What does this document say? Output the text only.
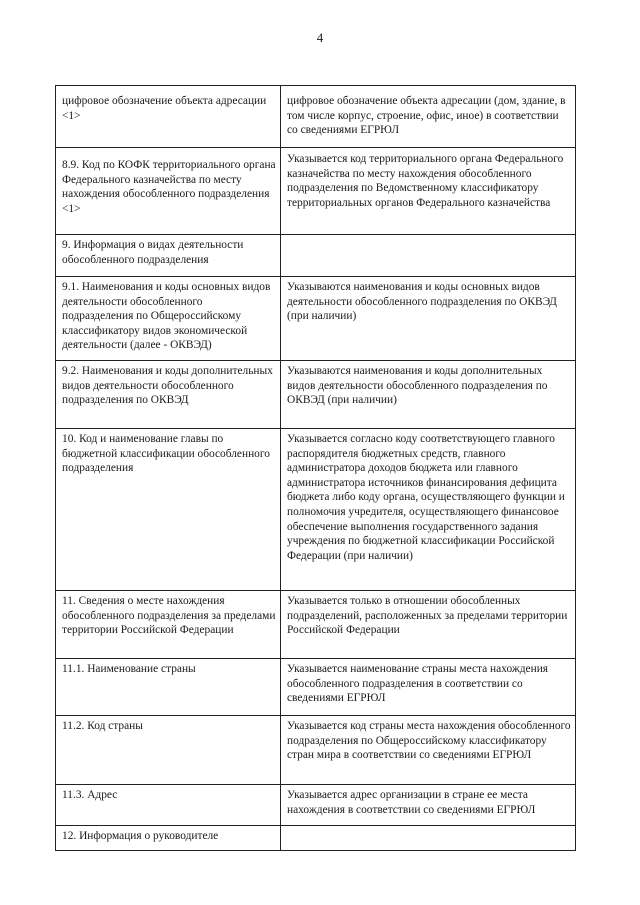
4
цифровое обозначение объекта адресации <1>	цифровое обозначение объекта адресации (дом, здание, в том числе корпус, строение, офис, иное) в соответствии со сведениями ЕГРЮЛ
8.9. Код по КОФК территориального органа Федерального казначейства по месту нахождения обособленного подразделения <1>	Указывается код территориального органа Федерального казначейства по месту нахождения обособленного подразделения по Ведомственному классификатору территориальных органов Федерального казначейства
9. Информация о видах деятельности обособленного подразделения	
9.1. Наименования и коды основных видов деятельности обособленного подразделения по Общероссийскому классификатору видов экономической деятельности (далее - ОКВЭД)	Указываются наименования и коды основных видов деятельности обособленного подразделения по ОКВЭД (при наличии)
9.2. Наименования и коды дополнительных видов деятельности обособленного подразделения по ОКВЭД	Указываются наименования и коды дополнительных видов деятельности обособленного подразделения по ОКВЭД (при наличии)
10. Код и наименование главы по бюджетной классификации обособленного подразделения	Указывается согласно коду соответствующего главного распорядителя бюджетных средств, главного администратора доходов бюджета или главного администратора источников финансирования дефицита бюджета либо коду органа, осуществляющего функции и полномочия учредителя, осуществляющего финансовое обеспечение выполнения государственного задания учреждения по бюджетной классификации Российской Федерации (при наличии)
11. Сведения о месте нахождения обособленного подразделения за пределами территории Российской Федерации	Указывается только в отношении обособленных подразделений, расположенных за пределами территории Российской Федерации
11.1. Наименование страны	Указывается наименование страны места нахождения обособленного подразделения в соответствии со сведениями ЕГРЮЛ
11.2. Код страны	Указывается код страны места нахождения обособленного подразделения по Общероссийскому классификатору стран мира в соответствии со сведениями ЕГРЮЛ
11.3. Адрес	Указывается адрес организации в стране ее места нахождения в соответствии со сведениями ЕГРЮЛ
12. Информация о руководителе	
